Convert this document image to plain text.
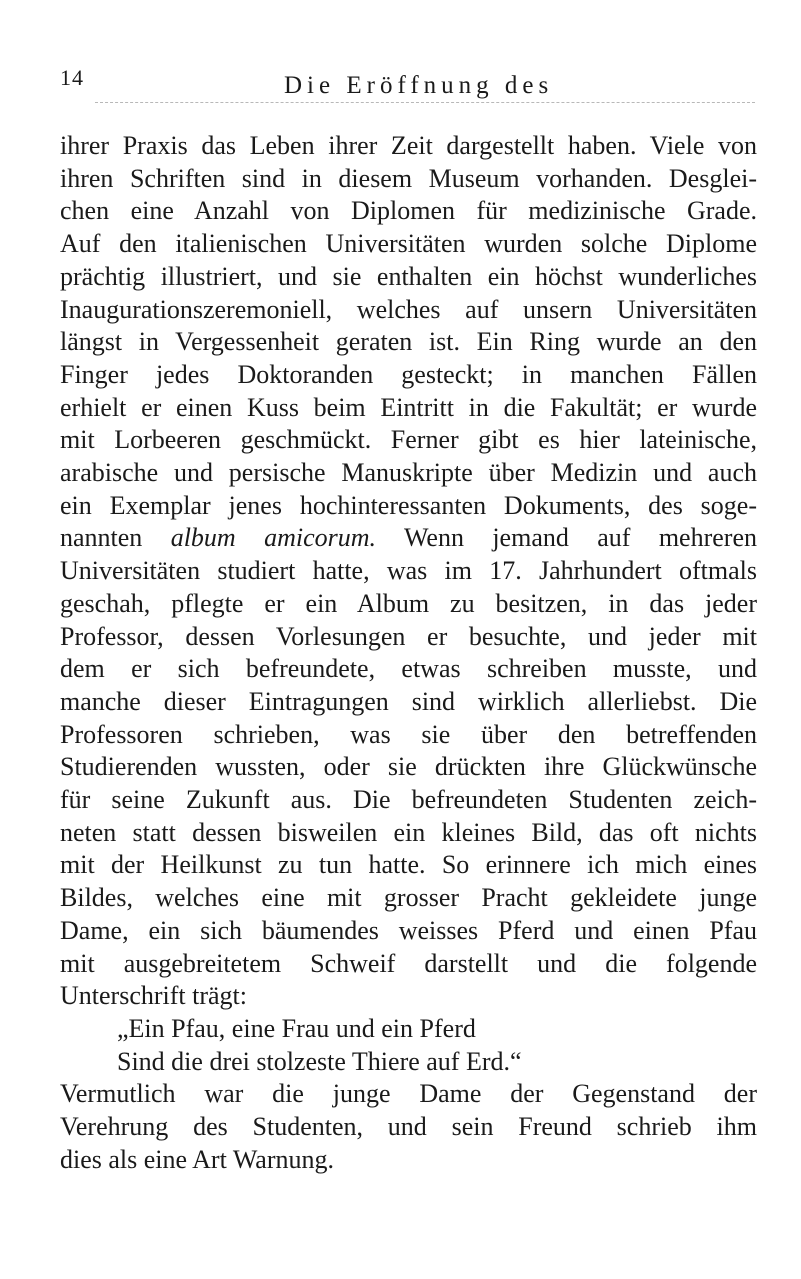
14	Die Eröffnung des
ihrer Praxis das Leben ihrer Zeit dargestellt haben. Viele von
ihren Schriften sind in diesem Museum vorhanden. Desglei-
chen eine Anzahl von Diplomen für medizinische Grade.
Auf den italienischen Universitäten wurden solche Diplome
prächtig illustriert, und sie enthalten ein höchst wunderliches
Inaugurationszeremoniell, welches auf unsern Universitäten
längst in Vergessenheit geraten ist. Ein Ring wurde an den
Finger jedes Doktoranden gesteckt; in manchen Fällen
erhielt er einen Kuss beim Eintritt in die Fakultät; er wurde
mit Lorbeeren geschmückt. Ferner gibt es hier lateinische,
arabische und persische Manuskripte über Medizin und auch
ein Exemplar jenes hochinteressanten Dokuments, des soge-
nannten album amicorum. Wenn jemand auf mehreren
Universitäten studiert hatte, was im 17. Jahrhundert oftmals
geschah, pflegte er ein Album zu besitzen, in das jeder
Professor, dessen Vorlesungen er besuchte, und jeder mit
dem er sich befreundete, etwas schreiben musste, und
manche dieser Eintragungen sind wirklich allerliebst. Die
Professoren schrieben, was sie über den betreffenden
Studierenden wussten, oder sie drückten ihre Glückwünsche
für seine Zukunft aus. Die befreundeten Studenten zeich-
neten statt dessen bisweilen ein kleines Bild, das oft nichts
mit der Heilkunst zu tun hatte. So erinnere ich mich eines
Bildes, welches eine mit grosser Pracht gekleidete junge
Dame, ein sich bäumendes weisses Pferd und einen Pfau
mit ausgebreitetem Schweif darstellt und die folgende
Unterschrift trägt:
„Ein Pfau, eine Frau und ein Pferd
Sind die drei stolzeste Thiere auf Erd.“
Vermutlich war die junge Dame der Gegenstand der
Verehrung des Studenten, und sein Freund schrieb ihm
dies als eine Art Warnung.
